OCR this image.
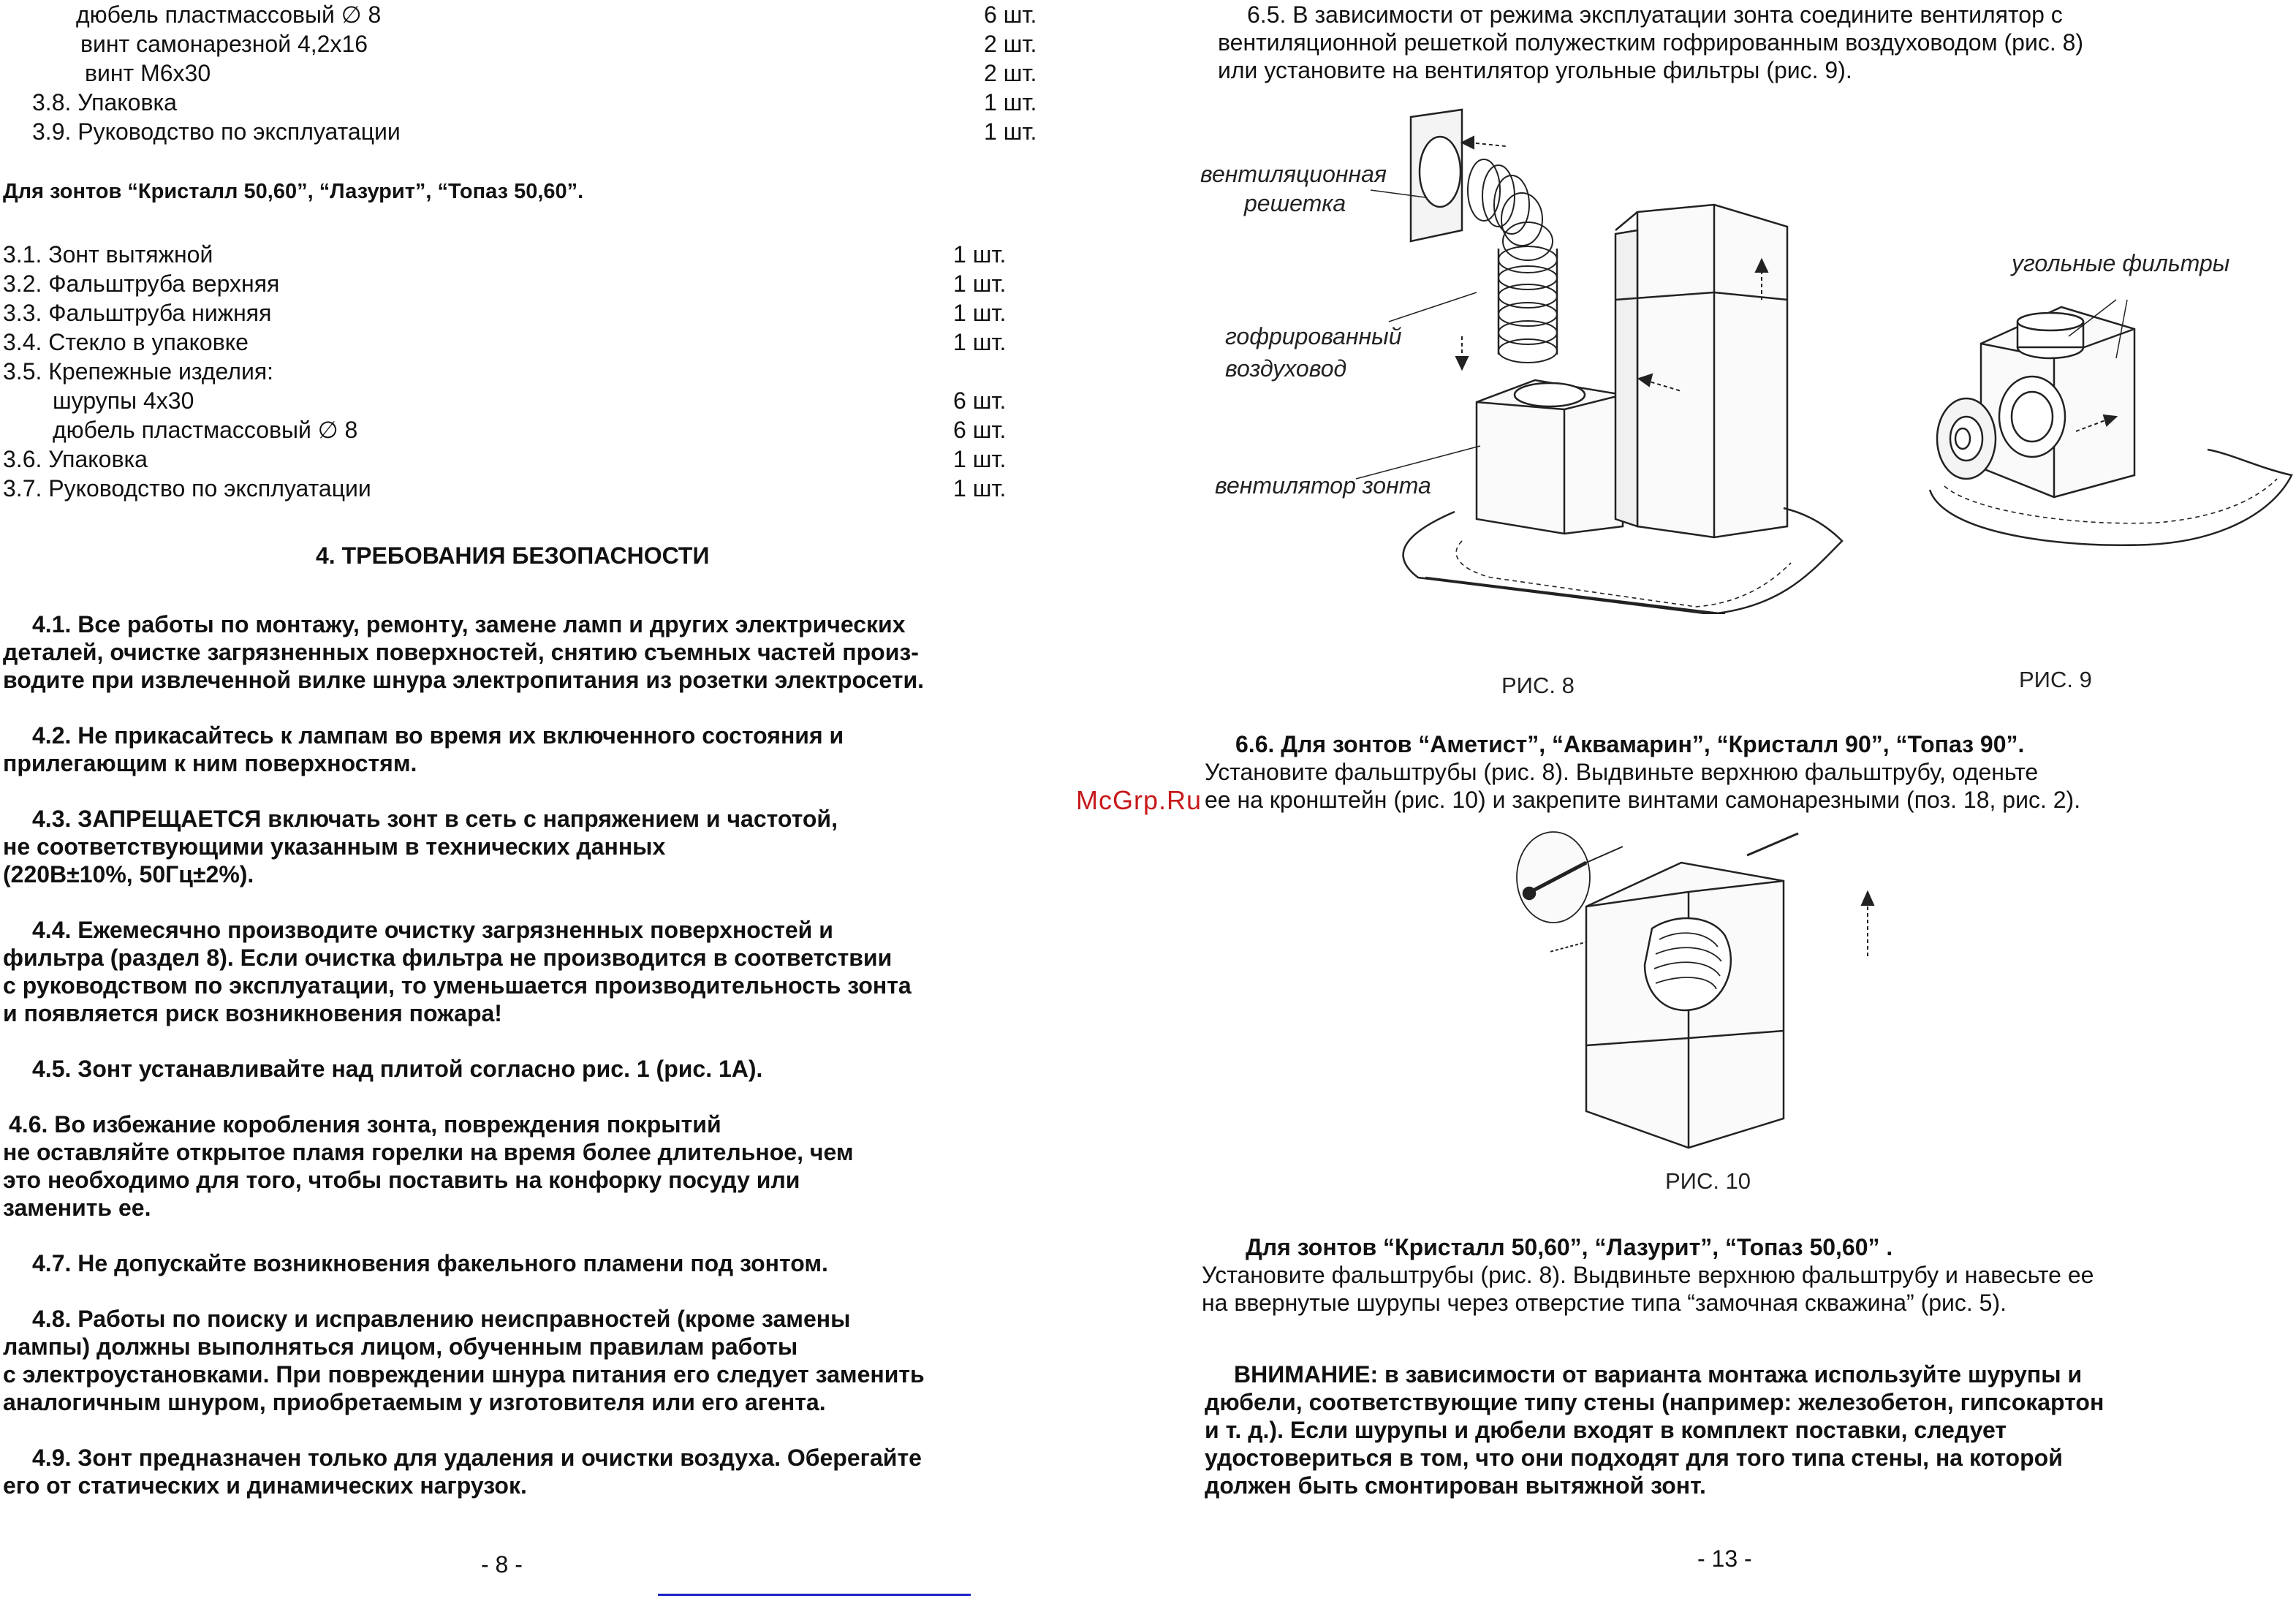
дюбель пластмассовый ∅ 8	6 шт.
винт самонарезной 4,2х16	2 шт.
винт М6х30	2 шт.
3.8. Упаковка	1 шт.
3.9. Руководство по эксплуатации	1 шт.
Для зонтов “Кристалл 50,60”, “Лазурит”, “Топаз 50,60”.
3.1. Зонт вытяжной	1 шт.
3.2. Фальштруба верхняя	1 шт.
3.3. Фальштруба нижняя	1 шт.
3.4. Стекло в упаковке	1 шт.
3.5. Крепежные изделия:
шурупы 4х30	6 шт.
дюбель пластмассовый ∅ 8	6 шт.
3.6. Упаковка	1 шт.
3.7. Руководство по эксплуатации	1 шт.
4. ТРЕБОВАНИЯ БЕЗОПАСНОСТИ
4.1. Все работы по монтажу, ремонту, замене ламп и других электрических
деталей, очистке загрязненных поверхностей, снятию съемных частей произ-
водите при извлеченной вилке шнура электропитания из розетки электросети.
4.2. Не прикасайтесь к лампам во время их включенного состояния и
прилегающим к ним поверхностям.
4.3. ЗАПРЕЩАЕТСЯ включать зонт в сеть с напряжением и частотой,
не соответствующими указанным в технических данных
(220В±10%, 50Гц±2%).
4.4. Ежемесячно производите очистку загрязненных поверхностей и
фильтра (раздел 8). Если очистка фильтра не производится в соответствии
с руководством по эксплуатации, то уменьшается производительность зонта
и появляется риск возникновения пожара!
4.5. Зонт устанавливайте над плитой согласно рис. 1 (рис. 1А).
4.6. Во избежание коробления зонта, повреждения покрытий
не оставляйте открытое пламя горелки на время более длительное, чем
это необходимо для того, чтобы поставить на конфорку посуду или
заменить ее.
4.7. Не допускайте возникновения факельного пламени под зонтом.
4.8. Работы по поиску и исправлению неисправностей (кроме замены
лампы) должны выполняться лицом, обученным правилам работы
с электроустановками. При повреждении шнура питания его следует заменить
аналогичным шнуром, приобретаемым у изготовителя или его агента.
4.9. Зонт предназначен только для удаления и очистки воздуха. Оберегайте
его от статических и динамических нагрузок.
- 8 -
McGrp.Ru
6.5. В зависимости от режима эксплуатации зонта соедините вентилятор с
вентиляционной решеткой полужестким гофрированным воздуховодом (рис. 8)
или установите на вентилятор угольные фильтры (рис. 9).
вентиляционная
решетка
гофрированный
воздуховод
вентилятор зонта
РИС. 8
угольные фильтры
РИС. 9
6.6. Для зонтов “Аметист”, “Аквамарин”, “Кристалл 90”, “Топаз 90”.
Установите фальштрубы (рис. 8). Выдвиньте верхнюю фальштрубу, оденьте
ее на кронштейн (рис. 10) и закрепите винтами самонарезными (поз. 18, рис. 2).
РИС. 10
Для зонтов “Кристалл 50,60”, “Лазурит”, “Топаз 50,60” .
Установите фальштрубы (рис. 8). Выдвиньте верхнюю фальштрубу и навесьте ее
на ввернутые шурупы через отверстие типа “замочная скважина” (рис. 5).
ВНИМАНИЕ: в зависимости от варианта монтажа используйте шурупы и
дюбели, соответствующие типу стены (например: железобетон, гипсокартон
и т. д.). Если шурупы и дюбели входят в комплект поставки, следует
удостовериться в том, что они подходят для того типа стены, на которой
должен быть смонтирован вытяжной зонт.
- 13 -
